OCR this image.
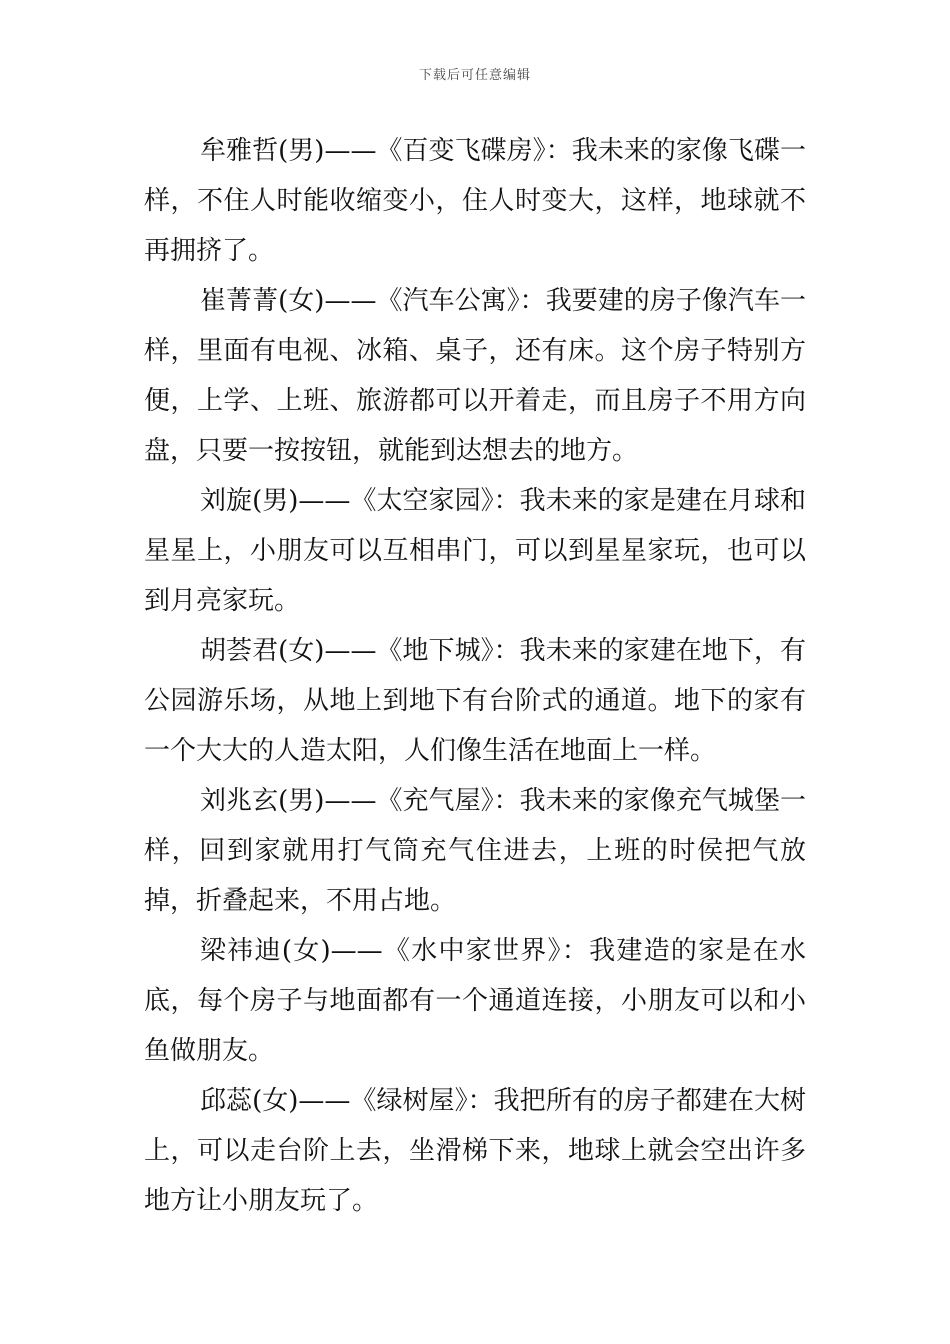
下载后可任意编辑

牟雅哲(男)——《百变飞碟房》：我未来的家像飞碟一样，不住人时能收缩变小，住人时变大，这样，地球就不再拥挤了。

崔菁菁(女)——《汽车公寓》：我要建的房子像汽车一样，里面有电视、冰箱、桌子，还有床。这个房子特别方便，上学、上班、旅游都可以开着走，而且房子不用方向盘，只要一按按钮，就能到达想去的地方。

刘旋(男)——《太空家园》：我未来的家是建在月球和星星上，小朋友可以互相串门，可以到星星家玩，也可以到月亮家玩。

胡荟君(女)——《地下城》：我未来的家建在地下，有公园游乐场，从地上到地下有台阶式的通道。地下的家有一个大大的人造太阳，人们像生活在地面上一样。

刘兆玄(男)——《充气屋》：我未来的家像充气城堡一样，回到家就用打气筒充气住进去，上班的时侯把气放掉，折叠起来，不用占地。

梁祎迪(女)——《水中家世界》：我建造的家是在水底，每个房子与地面都有一个通道连接，小朋友可以和小鱼做朋友。

邱蕊(女)——《绿树屋》：我把所有的房子都建在大树上，可以走台阶上去，坐滑梯下来，地球上就会空出许多地方让小朋友玩了。
